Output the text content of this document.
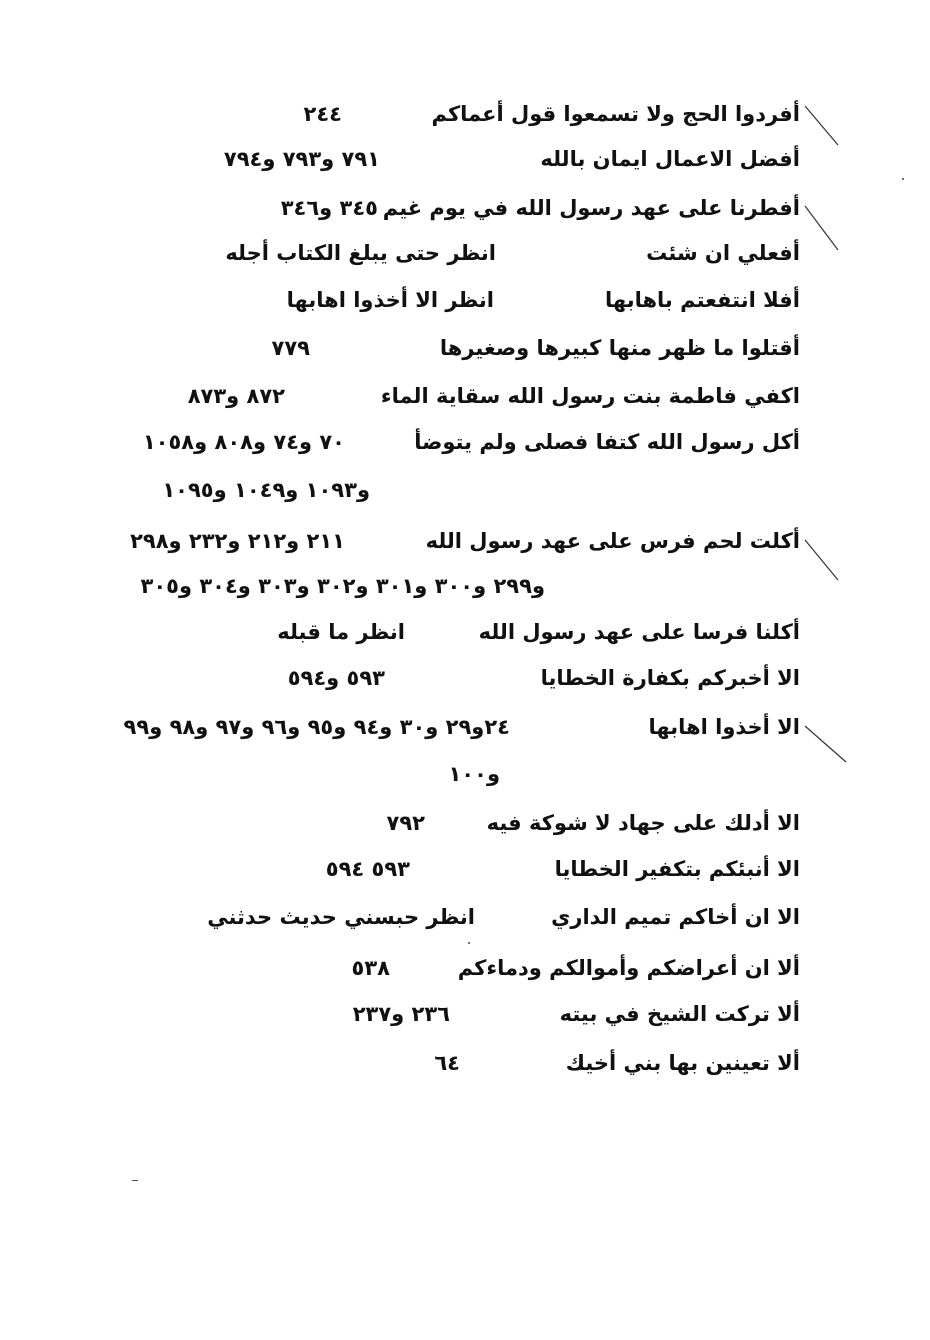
أفردوا الحج ولا تسمعوا قول أعماكم
٢٤٤
أفضل الاعمال ايمان بالله
٧٩١ و٧٩٣ و٧٩٤
أفطرنا على عهد رسول الله في يوم غيم
٣٤٥ و٣٤٦
أفعلي ان شئت
انظر حتى يبلغ الكتاب أجله
أفلا انتفعتم باهابها
انظر الا أخذوا اهابها
أقتلوا ما ظهر منها كبيرها وصغيرها
٧٧٩
اكفي فاطمة بنت رسول الله سقاية الماء
٨٧٢ و٨٧٣
أكل رسول الله كتفا فصلى ولم يتوضأ
٧٠ و٧٤ و٨٠٨ و١٠٥٨
و١٠٩٣ و١٠٤٩ و١٠٩٥
أكلت لحم فرس على عهد رسول الله
٢١١ و٢١٢ و٢٣٢ و٢٩٨
و٢٩٩ و٣٠٠ و٣٠١ و٣٠٢ و٣٠٣ و٣٠٤ و٣٠٥
أكلنا فرسا على عهد رسول الله
انظر ما قبله
الا أخبركم بكفارة الخطايا
٥٩٣ و٥٩٤
الا أخذوا اهابها
٢٤و٢٩ و٣٠ و٩٤ و٩٥ و٩٦ و٩٧ و٩٨ و٩٩
و١٠٠
الا أدلك على جهاد لا شوكة فيه
٧٩٢
الا أنبئكم بتكفير الخطايا
٥٩٣ ٥٩٤
الا ان أخاكم تميم الداري
انظر حبسني حديث حدثني
ألا ان أعراضكم وأموالكم ودماءكم
٥٣٨
ألا تركت الشيخ في بيته
٢٣٦ و٢٣٧
ألا تعينين بها بني أخيك
٦٤
